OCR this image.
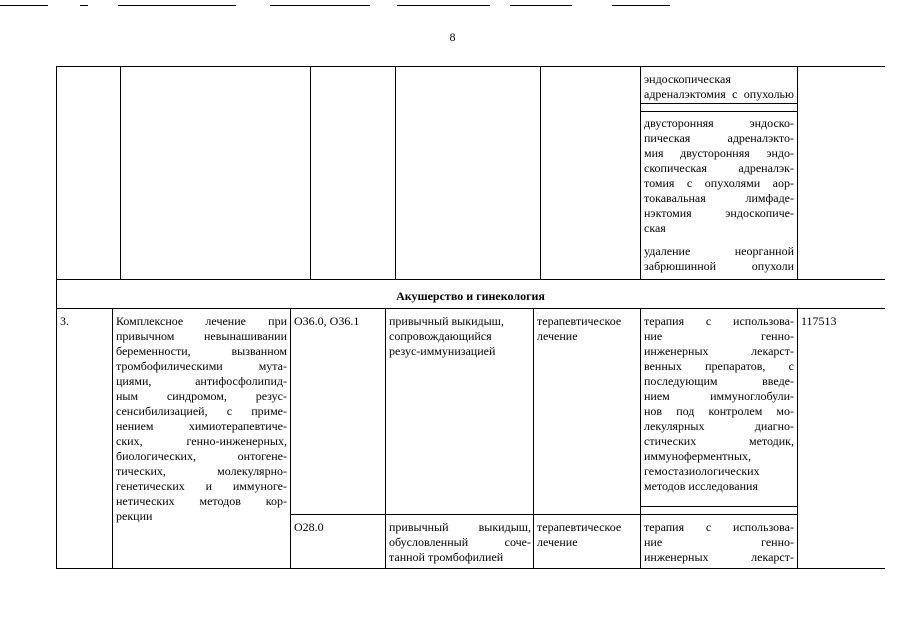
8
эндоскопическая адреналэктомия с опухолью
двусторонняя эндоско-
пическая адреналэкто-
мия двусторонняя эндо-
скопическая адреналэк-
томия с опухолями аор-
токавальная лимфаде-
нэктомия эндоскопиче-
ская
удаление неорганной забрюшинной опухоли
Акушерство и гинекология
3.	Комплексное лечение при
привычном невынашивании
беременности, вызванном
тромбофилическими мута-
циями, антифосфолипид-
ным синдромом, резус-
сенсибилизацией, с приме-
нением химиотерапевтиче-
ских, генно-инженерных,
биологических, онтогене-
тических, молекулярно-
генетических и иммуноге-
нетических методов кор-
рекции
O36.0, O36.1 привычный выкидыш,
сопровождающийся
резус-иммунизацией
терапевтическое
лечение
терапия с использова-
ние генно-
инженерных лекарст-
венных препаратов, с
последующим введе-
нием иммуноглобули-
нов под контролем мо-
лекулярных диагно-
стических методик,
иммуноферментных,
гемостазиологических
методов исследования
117513
O28.0	привычный выкидыш,
обусловленный соче-
танной тромбофилией
терапевтическое
лечение
терапия с использова-
ние генно-
инженерных лекарст-
